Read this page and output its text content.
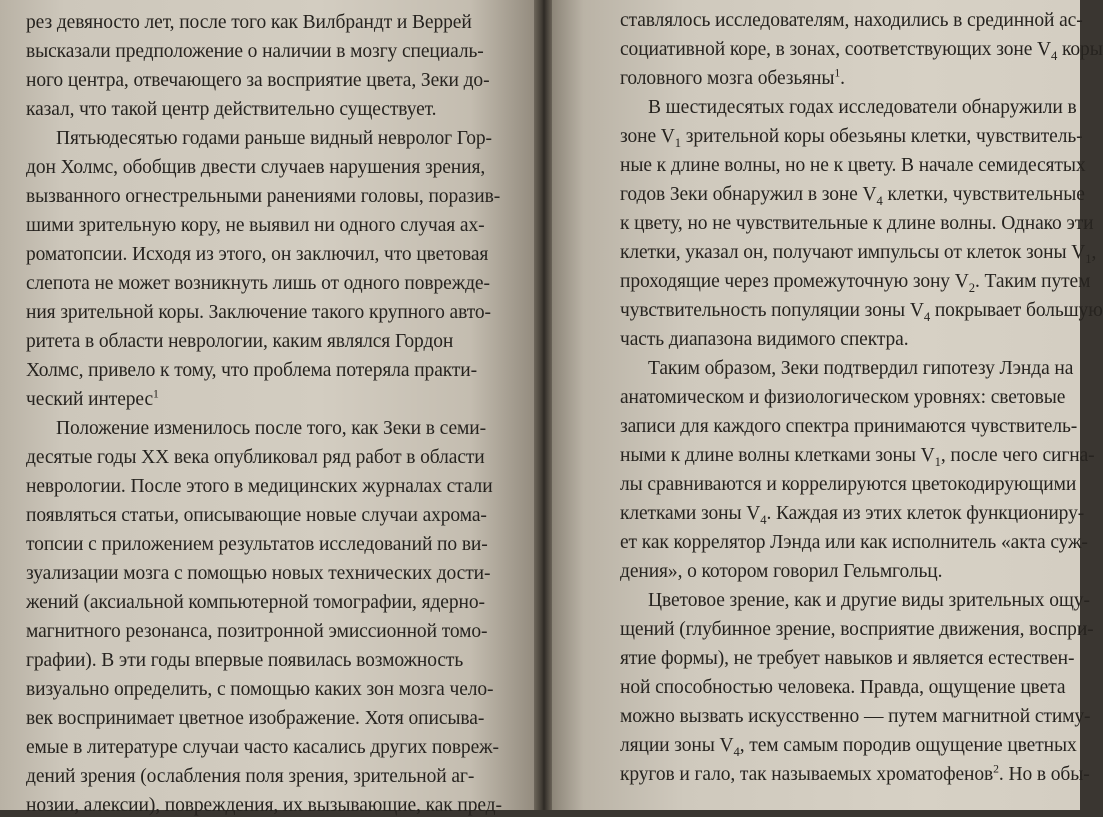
рез девяносто лет, после того как Вилбрандт и Веррей
высказали предположение о наличии в мозгу специаль-
ного центра, отвечающего за восприятие цвета, Зеки до-
казал, что такой центр действительно существует.
Пятьюдесятью годами раньше видный невролог Гор-
дон Холмс, обобщив двести случаев нарушения зрения,
вызванного огнестрельными ранениями головы, поразив-
шими зрительную кору, не выявил ни одного случая ах-
роматопсии. Исходя из этого, он заключил, что цветовая
слепота не может возникнуть лишь от одного поврежде-
ния зрительной коры. Заключение такого крупного авто-
ритета в области неврологии, каким являлся Гордон
Холмс, привело к тому, что проблема потеряла практи-
ческий интерес$^1$
Положение изменилось после того, как Зеки в семи-
десятые годы XX века опубликовал ряд работ в области
неврологии. После этого в медицинских журналах стали
появляться статьи, описывающие новые случаи ахрома-
топсии с приложением результатов исследований по ви-
зуализации мозга с помощью новых технических дости-
жений (аксиальной компьютерной томографии, ядерно-
магнитного резонанса, позитронной эмиссионной томо-
графии). В эти годы впервые появилась возможность
визуально определить, с помощью каких зон мозга чело-
век воспринимает цветное изображение. Хотя описыва-
емые в литературе случаи часто касались других повреж-
дений зрения (ослабления поля зрения, зрительной аг-
нозии, алексии), повреждения, их вызывающие, как пред-
ставлялось исследователям, находились в срединной ас-
социативной коре, в зонах, соответствующих зоне $V_4$ коры
головного мозга обезьяны$^1$.
В шестидесятых годах исследователи обнаружили в
зоне $V_1$ зрительной коры обезьяны клетки, чувствитель-
ные к длине волны, но не к цвету. В начале семидесятых
годов Зеки обнаружил в зоне $V_4$ клетки, чувствительные
к цвету, но не чувствительные к длине волны. Однако эти
клетки, указал он, получают импульсы от клеток зоны $V_1$,
проходящие через промежуточную зону $V_2$. Таким путем
чувствительность популяции зоны $V_4$ покрывает большую
часть диапазона видимого спектра.
Таким образом, Зеки подтвердил гипотезу Лэнда на
анатомическом и физиологическом уровнях: световые
записи для каждого спектра принимаются чувствитель-
ными к длине волны клетками зоны $V_1$, после чего сигна-
лы сравниваются и коррелируются цветокодирующими
клетками зоны $V_4$. Каждая из этих клеток функциониру-
ет как коррелятор Лэнда или как исполнитель «акта суж-
дения», о котором говорил Гельмгольц.
Цветовое зрение, как и другие виды зрительных ощу-
щений (глубинное зрение, восприятие движения, воспри-
ятие формы), не требует навыков и является естествен-
ной способностью человека. Правда, ощущение цвета
можно вызвать искусственно — путем магнитной стиму-
ляции зоны $V_4$, тем самым породив ощущение цветных
кругов и гало, так называемых хроматофенов$^2$. Но в обы-
